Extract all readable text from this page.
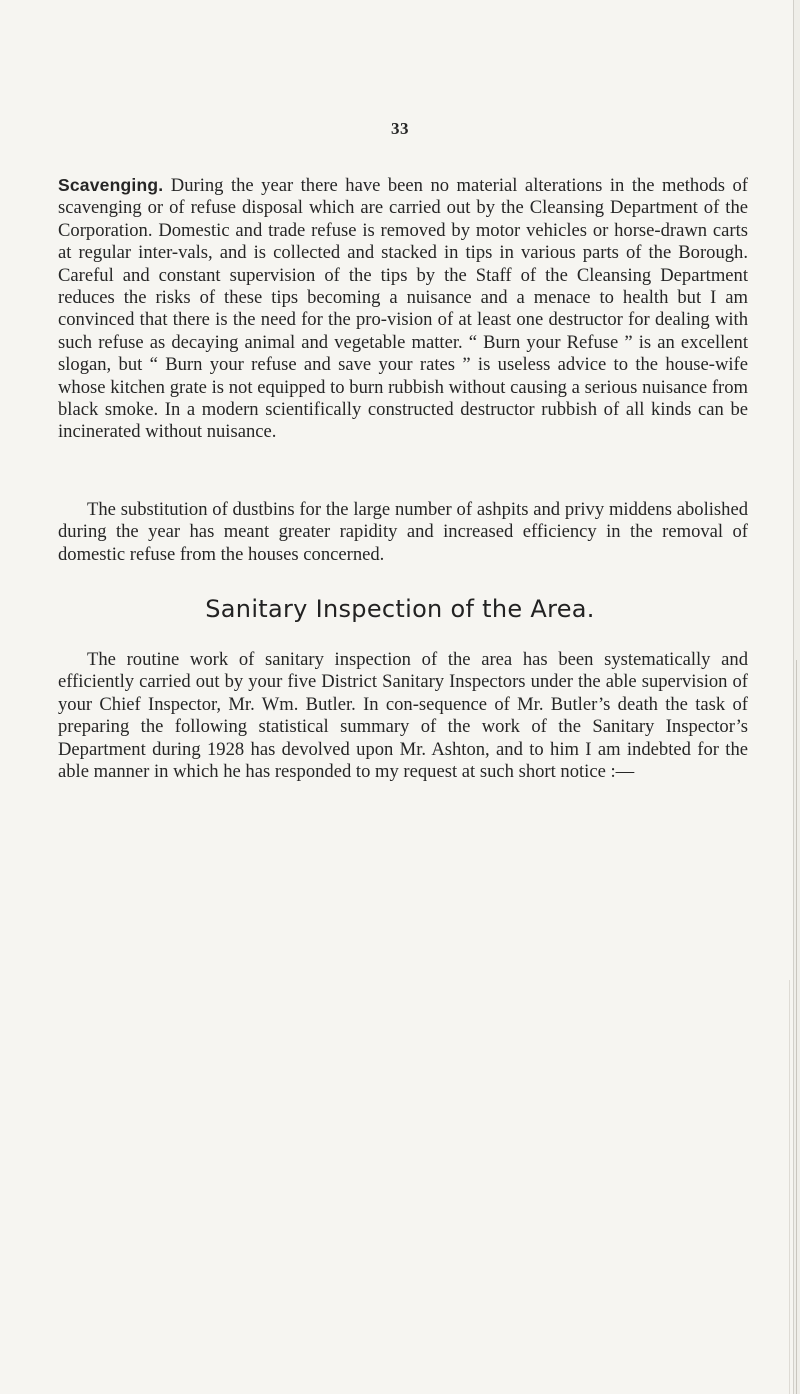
33
Scavenging. During the year there have been no material alterations in the methods of scavenging or of refuse disposal which are carried out by the Cleansing Department of the Corporation. Domestic and trade refuse is removed by motor vehicles or horse-drawn carts at regular inter-vals, and is collected and stacked in tips in various parts of the Borough. Careful and constant supervision of the tips by the Staff of the Cleansing Department reduces the risks of these tips becoming a nuisance and a menace to health but I am convinced that there is the need for the pro-vision of at least one destructor for dealing with such refuse as decaying animal and vegetable matter. “ Burn your Refuse ” is an excellent slogan, but “ Burn your refuse and save your rates ” is useless advice to the house-wife whose kitchen grate is not equipped to burn rubbish without causing a serious nuisance from black smoke. In a modern scientifically constructed destructor rubbish of all kinds can be incinerated without nuisance.
The substitution of dustbins for the large number of ashpits and privy middens abolished during the year has meant greater rapidity and increased efficiency in the removal of domestic refuse from the houses concerned.
Sanitary Inspection of the Area.
The routine work of sanitary inspection of the area has been systematically and efficiently carried out by your five District Sanitary Inspectors under the able supervision of your Chief Inspector, Mr. Wm. Butler. In con-sequence of Mr. Butler’s death the task of preparing the following statistical summary of the work of the Sanitary Inspector’s Department during 1928 has devolved upon Mr. Ashton, and to him I am indebted for the able manner in which he has responded to my request at such short notice :—
